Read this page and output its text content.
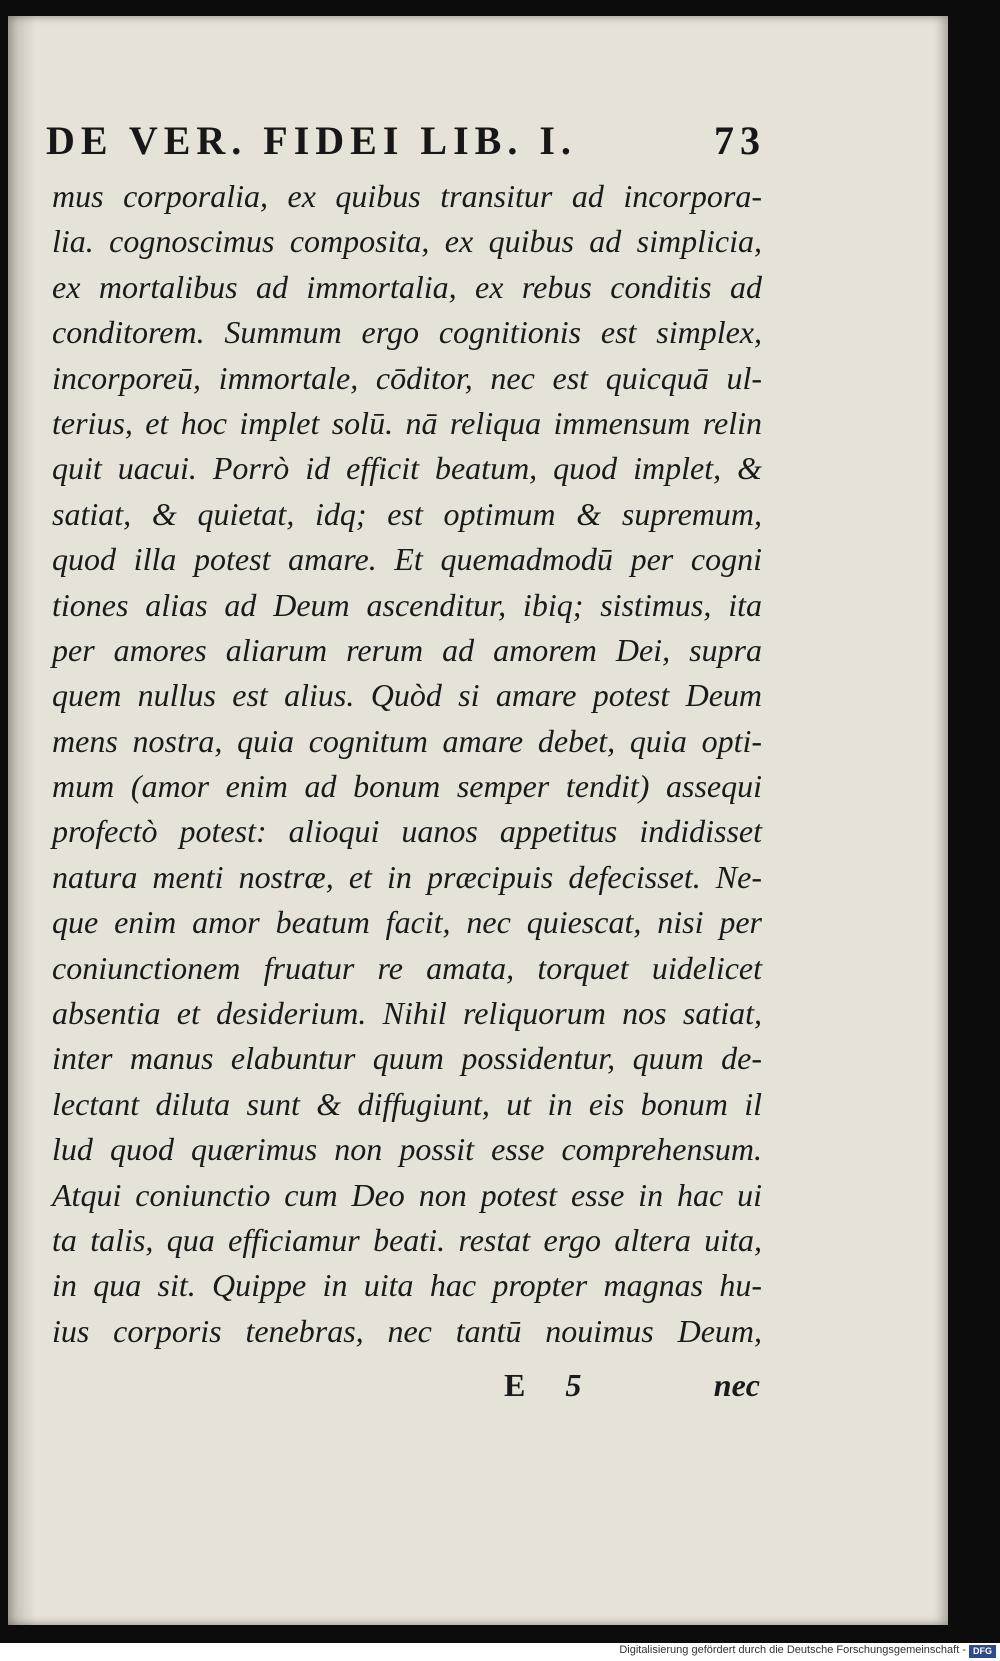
DE VER. FIDEI LIB. I.	73
mus corporalia, ex quibus transitur ad incorpora-
lia. cognoscimus composita, ex quibus ad simplicia,
ex mortalibus ad immortalia, ex rebus conditis ad
conditorem. Summum ergo cognitionis est simplex,
incorporeū, immortale, cōditor, nec est quicquā ul-
terius, et hoc implet solū. nā reliqua immensum relin
quit uacui. Porrò id efficit beatum, quod implet, &
satiat, & quietat, idq; est optimum & supremum,
quod illa potest amare. Et quemadmodū per cogni
tiones alias ad Deum ascenditur, ibiq; sistimus, ita
per amores aliarum rerum ad amorem Dei, supra
quem nullus est alius. Quòd si amare potest Deum
mens nostra, quia cognitum amare debet, quia opti-
mum (amor enim ad bonum semper tendit) assequi
profectò potest: alioqui uanos appetitus indidisset
natura menti nostræ, et in præcipuis defecisset. Ne-
que enim amor beatum facit, nec quiescat, nisi per
coniunctionem fruatur re amata, torquet uidelicet
absentia et desiderium. Nihil reliquorum nos satiat,
inter manus elabuntur quum possidentur, quum de-
lectant diluta sunt & diffugiunt, ut in eis bonum il
lud quod quærimus non possit esse comprehensum.
Atqui coniunctio cum Deo non potest esse in hac ui
ta talis, qua efficiamur beati. restat ergo altera uita,
in qua sit. Quippe in uita hac propter magnas hu-
ius corporis tenebras, nec tantū nouimus Deum,
E 5	nec
Digitalisierung gefördert durch die Deutsche Forschungsgemeinschaft - DFG
